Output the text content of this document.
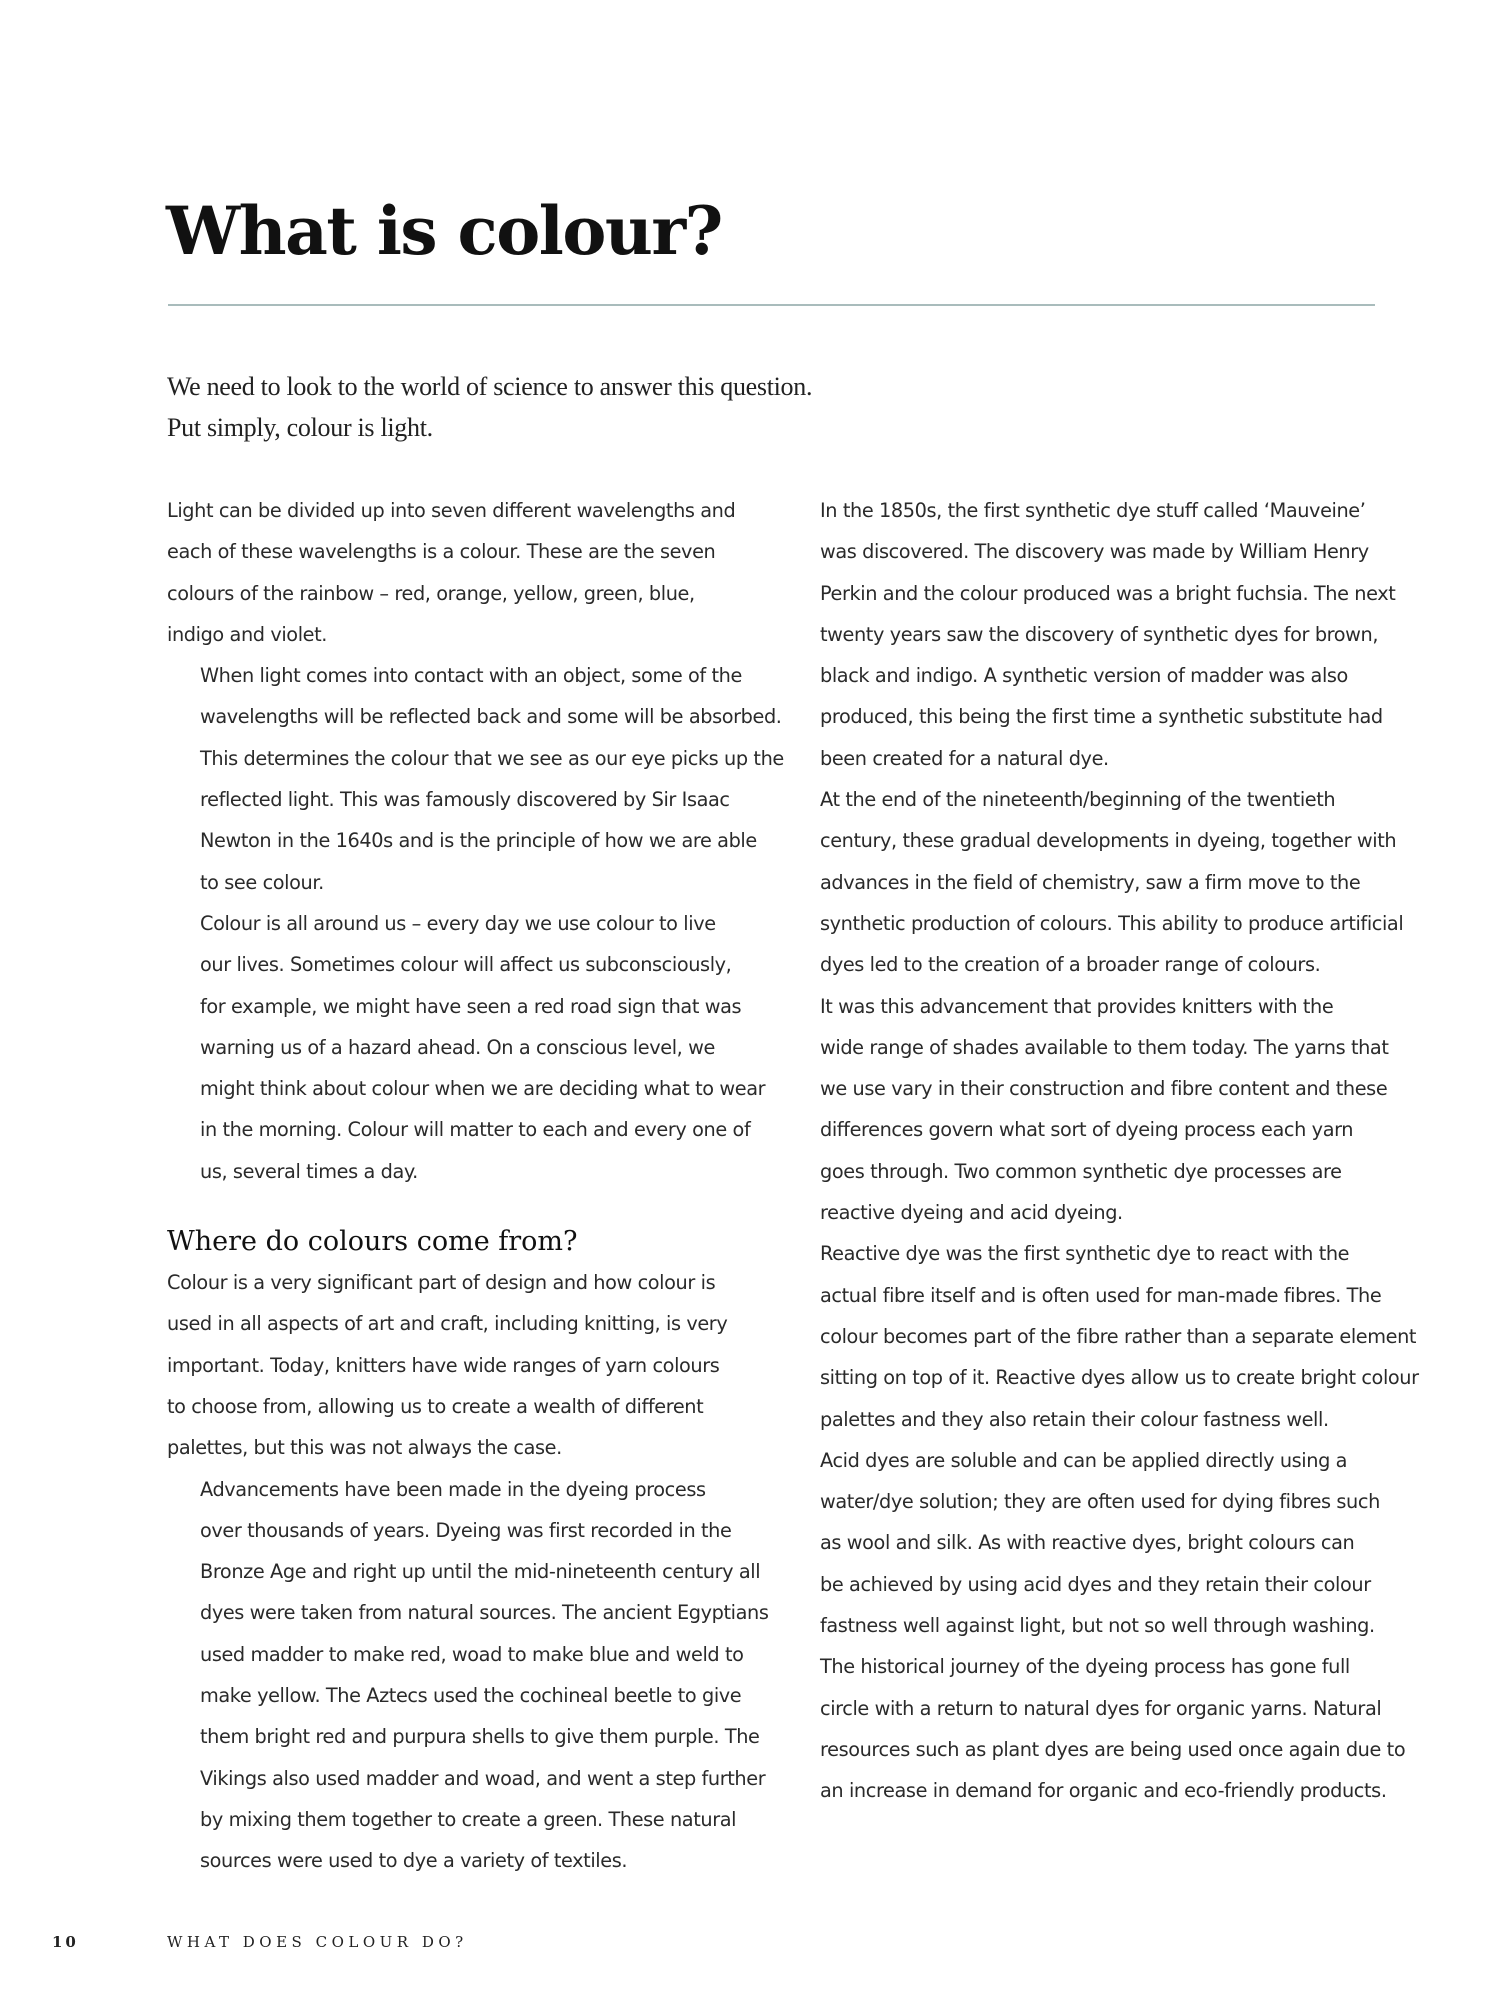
What is colour?
We need to look to the world of science to answer this question.
Put simply, colour is light.

Light can be divided up into seven different wavelengths and
each of these wavelengths is a colour. These are the seven
colours of the rainbow – red, orange, yellow, green, blue,
indigo and violet.

When light comes into contact with an object, some of the
wavelengths will be reflected back and some will be absorbed.
This determines the colour that we see as our eye picks up the
reflected light. This was famously discovered by Sir Isaac
Newton in the 1640s and is the principle of how we are able
to see colour.

Colour is all around us – every day we use colour to live
our lives. Sometimes colour will affect us subconsciously,
for example, we might have seen a red road sign that was
warning us of a hazard ahead. On a conscious level, we
might think about colour when we are deciding what to wear
in the morning. Colour will matter to each and every one of
us, several times a day.

Where do colours come from?

Colour is a very significant part of design and how colour is
used in all aspects of art and craft, including knitting, is very
important. Today, knitters have wide ranges of yarn colours
to choose from, allowing us to create a wealth of different
palettes, but this was not always the case.

Advancements have been made in the dyeing process
over thousands of years. Dyeing was first recorded in the
Bronze Age and right up until the mid-nineteenth century all
dyes were taken from natural sources. The ancient Egyptians
used madder to make red, woad to make blue and weld to
make yellow. The Aztecs used the cochineal beetle to give
them bright red and purpura shells to give them purple. The
Vikings also used madder and woad, and went a step further
by mixing them together to create a green. These natural
sources were used to dye a variety of textiles.

In the 1850s, the first synthetic dye stuff called ‘Mauveine’
was discovered. The discovery was made by William Henry
Perkin and the colour produced was a bright fuchsia. The next
twenty years saw the discovery of synthetic dyes for brown,
black and indigo. A synthetic version of madder was also
produced, this being the first time a synthetic substitute had
been created for a natural dye.

At the end of the nineteenth/beginning of the twentieth
century, these gradual developments in dyeing, together with
advances in the field of chemistry, saw a firm move to the
synthetic production of colours. This ability to produce artificial
dyes led to the creation of a broader range of colours.

It was this advancement that provides knitters with the
wide range of shades available to them today. The yarns that
we use vary in their construction and fibre content and these
differences govern what sort of dyeing process each yarn
goes through. Two common synthetic dye processes are
reactive dyeing and acid dyeing.

Reactive dye was the first synthetic dye to react with the
actual fibre itself and is often used for man-made fibres. The
colour becomes part of the fibre rather than a separate element
sitting on top of it. Reactive dyes allow us to create bright colour
palettes and they also retain their colour fastness well.

Acid dyes are soluble and can be applied directly using a
water/dye solution; they are often used for dying fibres such
as wool and silk. As with reactive dyes, bright colours can
be achieved by using acid dyes and they retain their colour
fastness well against light, but not so well through washing.

The historical journey of the dyeing process has gone full
circle with a return to natural dyes for organic yarns. Natural
resources such as plant dyes are being used once again due to
an increase in demand for organic and eco-friendly products.

10	WHAT DOES COLOUR DO?
